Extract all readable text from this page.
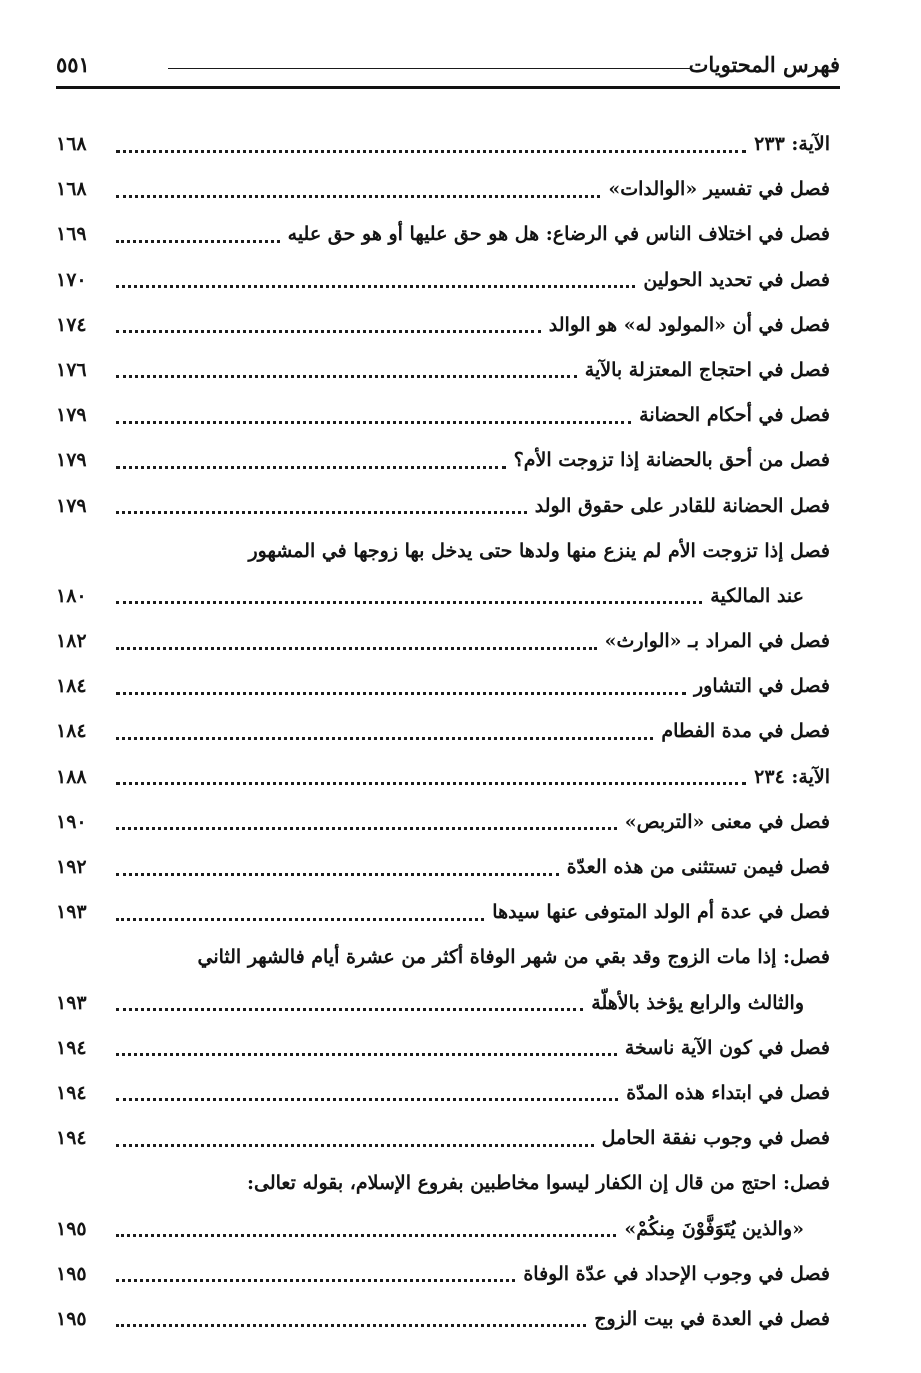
فهرس المحتويات
٥٥١
الآية: ٢٣٣
١٦٨
فصل في تفسير «الوالدات»
١٦٨
فصل في اختلاف الناس في الرضاع: هل هو حق عليها أو هو حق عليه
١٦٩
فصل في تحديد الحولين
١٧٠
فصل في أن «المولود له» هو الوالد
١٧٤
فصل في احتجاج المعتزلة بالآية
١٧٦
فصل في أحكام الحضانة
١٧٩
فصل من أحق بالحضانة إذا تزوجت الأم؟
١٧٩
فصل الحضانة للقادر على حقوق الولد
١٧٩
فصل إذا تزوجت الأم لم ينزع منها ولدها حتى يدخل بها زوجها في المشهور
عند المالكية
١٨٠
فصل في المراد بـ «الوارث»
١٨٢
فصل في التشاور
١٨٤
فصل في مدة الفطام
١٨٤
الآية: ٢٣٤
١٨٨
فصل في معنى «التربص»
١٩٠
فصل فيمن تستثنى من هذه العدّة
١٩٢
فصل في عدة أم الولد المتوفى عنها سيدها
١٩٣
فصل: إذا مات الزوج وقد بقي من شهر الوفاة أكثر من عشرة أيام فالشهر الثاني
والثالث والرابع يؤخذ بالأهلّة
١٩٣
فصل في كون الآية ناسخة
١٩٤
فصل في ابتداء هذه المدّة
١٩٤
فصل في وجوب نفقة الحامل
١٩٤
فصل: احتج من قال إن الكفار ليسوا مخاطبين بفروع الإسلام، بقوله تعالى:
«والذين يُتَوَفَّوْنَ مِنكُمْ»
١٩٥
فصل في وجوب الإحداد في عدّة الوفاة
١٩٥
فصل في العدة في بيت الزوج
١٩٥
